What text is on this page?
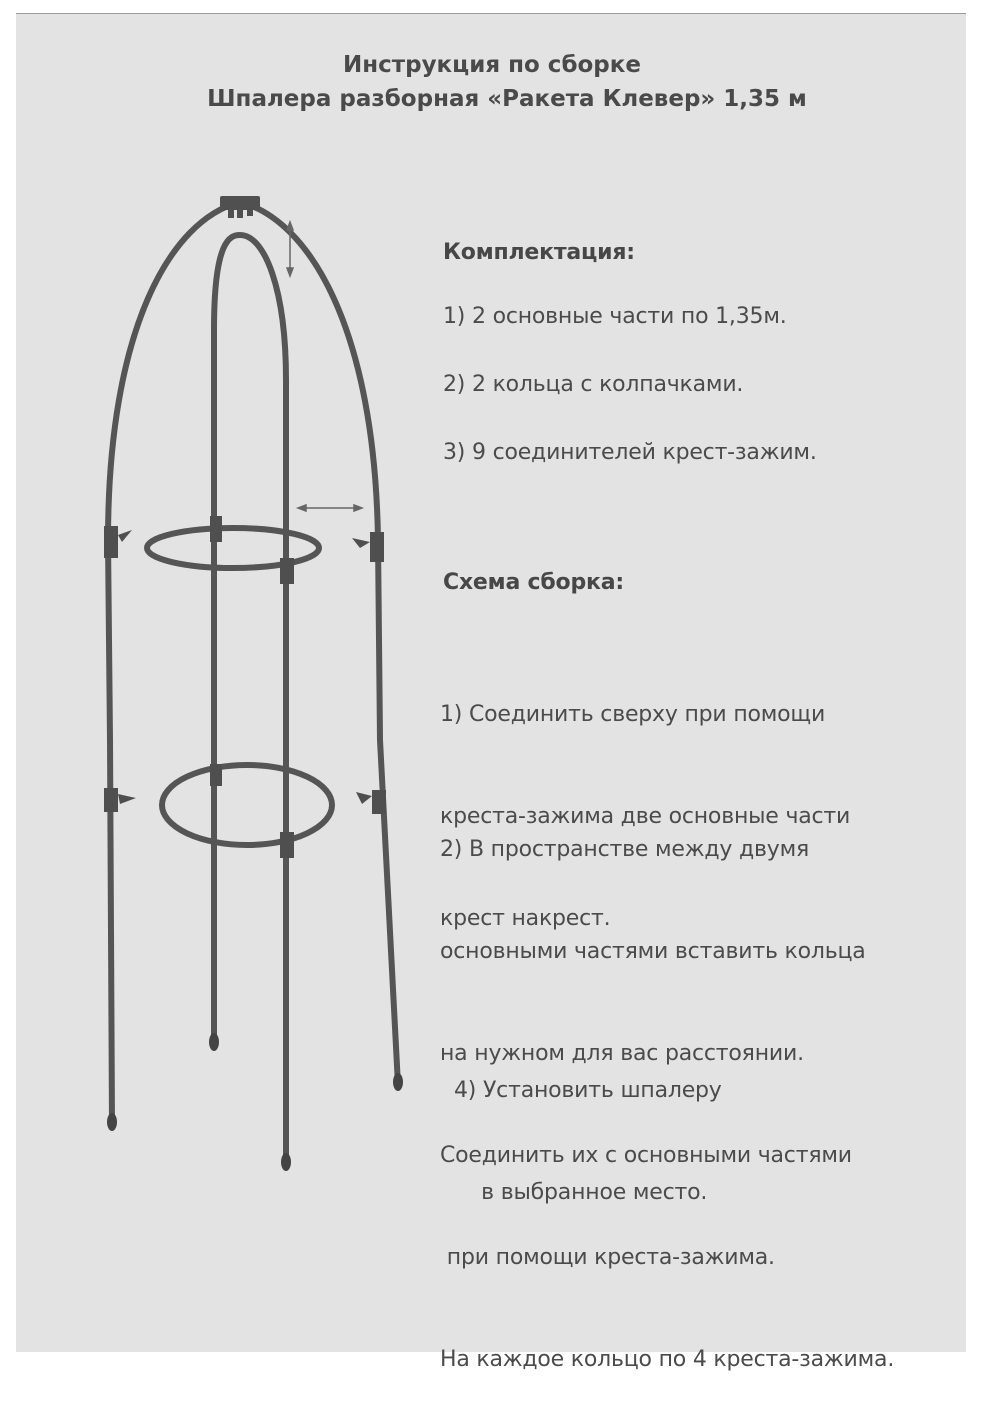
Инструкция по сборке
Шпалера разборная «Ракета Клевер» 1,35 м
Комплектация:
1) 2 основные части по 1,35м.
2) 2 кольца с колпачками.
3) 9 соединителей крест-зажим.
Схема сборка:

1) Соединить сверху при помощи

креста-зажима две основные части

крест накрест.

2) В пространстве между двумя

основными частями вставить кольца

на нужном для вас расстоянии.

Соединить их с основными частями

при помощи креста-зажима.

На каждое кольцо по 4 креста-зажима.

4) Установить шпалеру

в выбранное место.
